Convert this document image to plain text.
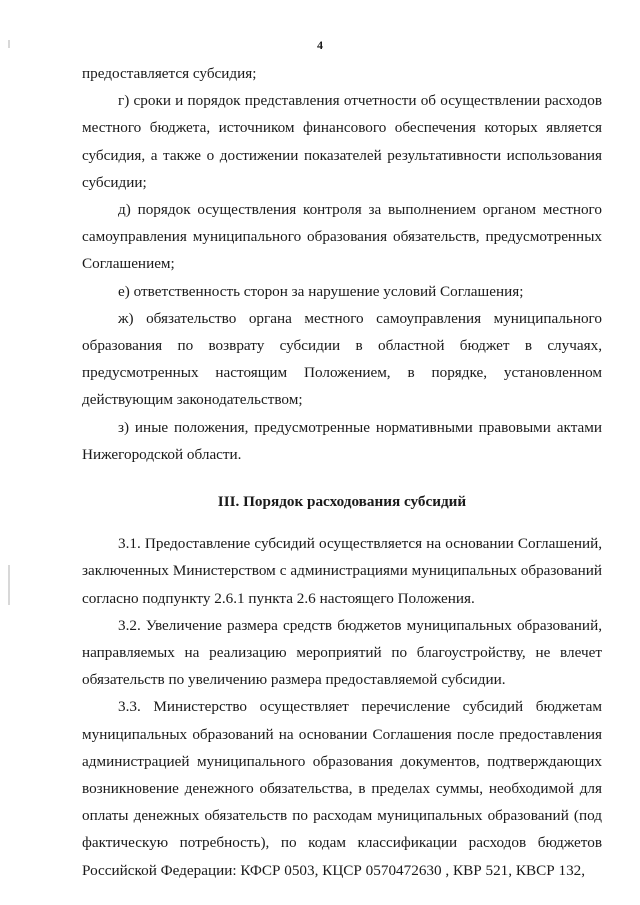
4

предоставляется субсидия;

г) сроки и порядок представления отчетности об осуществлении расходов местного бюджета, источником финансового обеспечения которых является субсидия, а также о достижении показателей результативности использования субсидии;

д) порядок осуществления контроля за выполнением органом местного самоуправления муниципального образования обязательств, предусмотренных Соглашением;

е) ответственность сторон за нарушение условий Соглашения;

ж) обязательство органа местного самоуправления муниципального образования по возврату субсидии в областной бюджет в случаях, предусмотренных настоящим Положением, в порядке, установленном действующим законодательством;

з) иные положения, предусмотренные нормативными правовыми актами Нижегородской области.

III. Порядок расходования субсидий

3.1. Предоставление субсидий осуществляется на основании Соглашений, заключенных Министерством с администрациями муниципальных образований согласно подпункту 2.6.1 пункта 2.6 настоящего Положения.

3.2. Увеличение размера средств бюджетов муниципальных образований, направляемых на реализацию мероприятий по благоустройству, не влечет обязательств по увеличению размера предоставляемой субсидии.

3.3. Министерство осуществляет перечисление субсидий бюджетам муниципальных образований на основании Соглашения после предоставления администрацией муниципального образования документов, подтверждающих возникновение денежного обязательства, в пределах суммы, необходимой для оплаты денежных обязательств по расходам муниципальных образований (под фактическую потребность), по кодам классификации расходов бюджетов Российской Федерации: КФСР 0503, КЦСР 0570472630 , КВР 521, КВСР 132,
